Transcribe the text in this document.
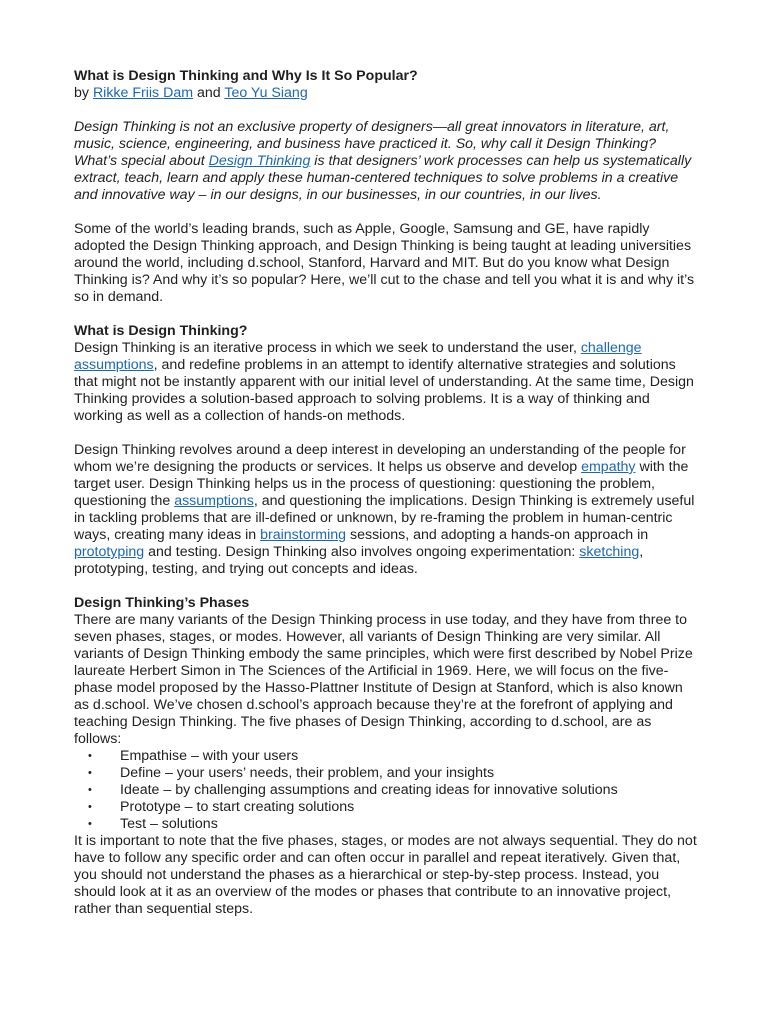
What is Design Thinking and Why Is It So Popular?

by Rikke Friis Dam and Teo Yu Siang

Design Thinking is not an exclusive property of designers—all great innovators in literature, art, music, science, engineering, and business have practiced it. So, why call it Design Thinking? What’s special about Design Thinking is that designers’ work processes can help us systematically extract, teach, learn and apply these human-centered techniques to solve problems in a creative and innovative way – in our designs, in our businesses, in our countries, in our lives.

Some of the world’s leading brands, such as Apple, Google, Samsung and GE, have rapidly adopted the Design Thinking approach, and Design Thinking is being taught at leading universities around the world, including d.school, Stanford, Harvard and MIT. But do you know what Design Thinking is? And why it’s so popular? Here, we’ll cut to the chase and tell you what it is and why it’s so in demand.

What is Design Thinking?

Design Thinking is an iterative process in which we seek to understand the user, challenge assumptions, and redefine problems in an attempt to identify alternative strategies and solutions that might not be instantly apparent with our initial level of understanding. At the same time, Design Thinking provides a solution-based approach to solving problems. It is a way of thinking and working as well as a collection of hands-on methods.

Design Thinking revolves around a deep interest in developing an understanding of the people for whom we’re designing the products or services. It helps us observe and develop empathy with the target user. Design Thinking helps us in the process of questioning: questioning the problem, questioning the assumptions, and questioning the implications. Design Thinking is extremely useful in tackling problems that are ill-defined or unknown, by re-framing the problem in human-centric ways, creating many ideas in brainstorming sessions, and adopting a hands-on approach in prototyping and testing. Design Thinking also involves ongoing experimentation: sketching, prototyping, testing, and trying out concepts and ideas.

Design Thinking’s Phases

There are many variants of the Design Thinking process in use today, and they have from three to seven phases, stages, or modes. However, all variants of Design Thinking are very similar. All variants of Design Thinking embody the same principles, which were first described by Nobel Prize laureate Herbert Simon in The Sciences of the Artificial in 1969. Here, we will focus on the five-phase model proposed by the Hasso-Plattner Institute of Design at Stanford, which is also known as d.school. We’ve chosen d.school’s approach because they’re at the forefront of applying and teaching Design Thinking. The five phases of Design Thinking, according to d.school, are as follows:

• Empathise – with your users
• Define – your users’ needs, their problem, and your insights
• Ideate – by challenging assumptions and creating ideas for innovative solutions
• Prototype – to start creating solutions
• Test – solutions

It is important to note that the five phases, stages, or modes are not always sequential. They do not have to follow any specific order and can often occur in parallel and repeat iteratively. Given that, you should not understand the phases as a hierarchical or step-by-step process. Instead, you should look at it as an overview of the modes or phases that contribute to an innovative project, rather than sequential steps.
